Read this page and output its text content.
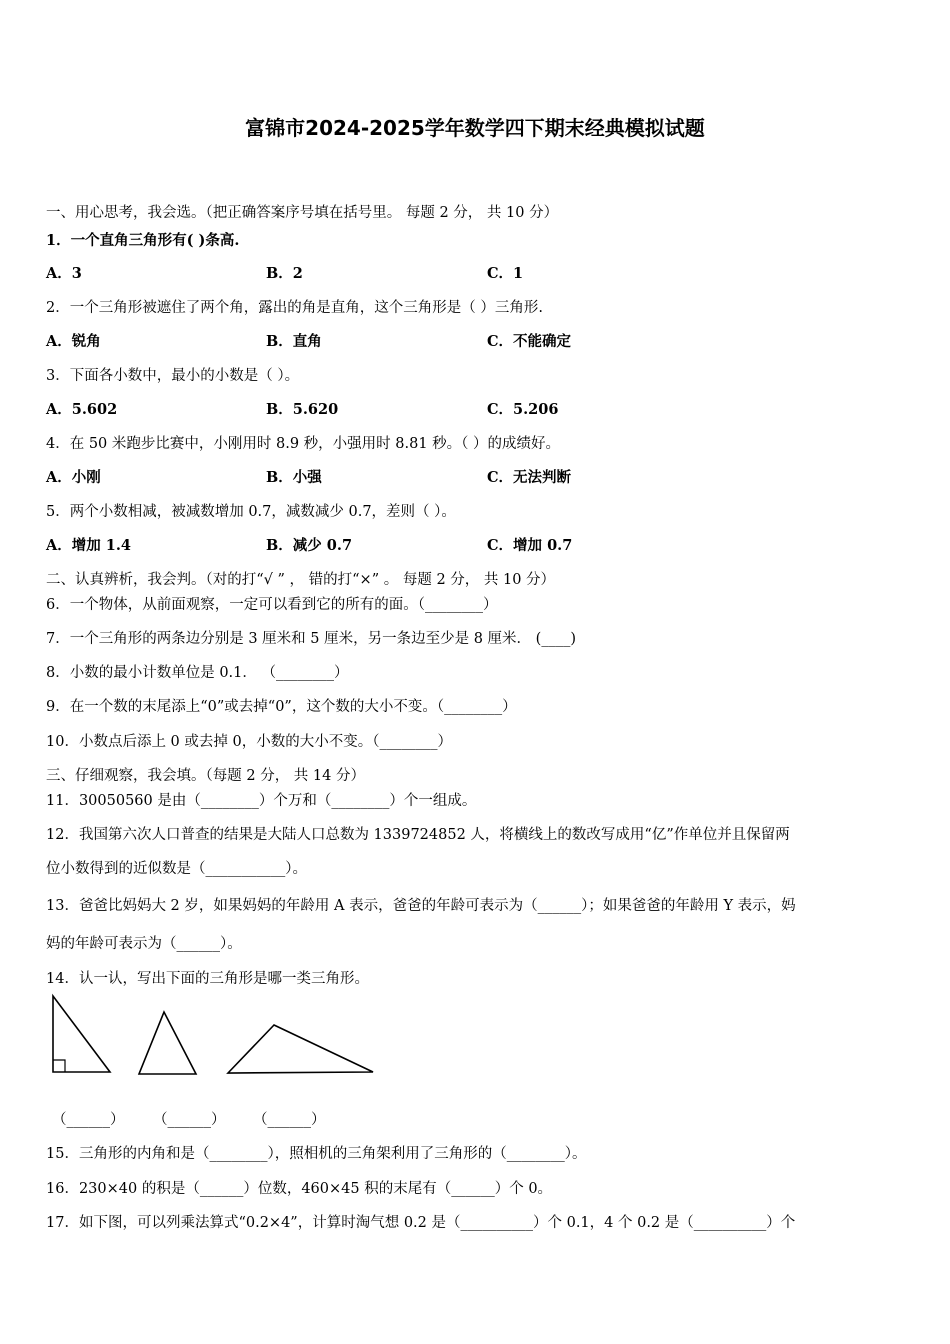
富锦市2024-2025学年数学四下期末经典模拟试题
一、用心思考，我会选。（把正确答案序号填在括号里。 每题 2 分， 共 10 分）
1．一个直角三角形有( )条高.
A．3	B．2	C．1
2．一个三角形被遮住了两个角，露出的角是直角，这个三角形是（ ）三角形.
A．锐角	B．直角	C．不能确定
3．下面各小数中，最小的小数是（ ）。
A．5.602	B．5.620	C．5.206
4．在 50 米跑步比赛中，小刚用时 8.9 秒，小强用时 8.81 秒。（ ）的成绩好。
A．小刚	B．小强	C．无法判断
5．两个小数相减，被减数增加 0.7，减数减少 0.7，差则（ ）。
A．增加 1.4	B．减少 0.7	C．增加 0.7
二、认真辨析，我会判。（对的打“√ ” ， 错的打“×” 。 每题 2 分， 共 10 分）
6．一个物体，从前面观察，一定可以看到它的所有的面。（________）
7．一个三角形的两条边分别是 3 厘米和 5 厘米，另一条边至少是 8 厘米． (____)
8．小数的最小计数单位是 0.1． （________）
9．在一个数的末尾添上“0”或去掉“0”，这个数的大小不变。（________）
10．小数点后添上 0 或去掉 0，小数的大小不变。（________）
三、仔细观察，我会填。（每题 2 分， 共 14 分）
11．30050560 是由（________）个万和（________）个一组成。
12．我国第六次人口普查的结果是大陆人口总数为 1339724852 人，将横线上的数改写成用“亿”作单位并且保留两
位小数得到的近似数是（___________）。
13．爸爸比妈妈大 2 岁，如果妈妈的年龄用 A 表示，爸爸的年龄可表示为（______）；如果爸爸的年龄用 Y 表示，妈
妈的年龄可表示为（______）。
14．认一认，写出下面的三角形是哪一类三角形。
（______） （______） （______）
15．三角形的内角和是（________），照相机的三角架利用了三角形的（________）。
16．230×40 的积是（______）位数，460×45 积的末尾有（______）个 0。
17．如下图，可以列乘法算式“0.2×4”，计算时淘气想 0.2 是（__________）个 0.1，4 个 0.2 是（__________）个
